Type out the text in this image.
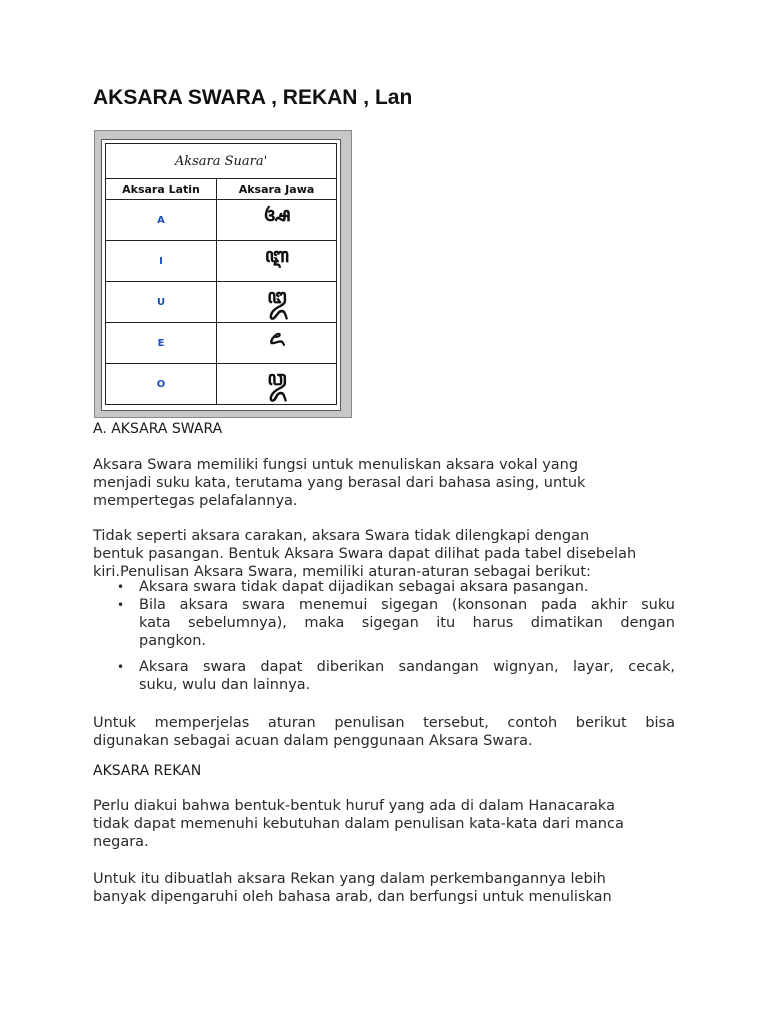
AKSARA SWARA , REKAN , Lan
Aksara Suara'	
Aksara Latin	Aksara Jawa
A	ꦄ
I	ꦆ
U	ꦈ
E	ꦌ
O	ꦎ
A. AKSARA SWARA
Aksara Swara memiliki fungsi untuk menuliskan aksara vokal yang
menjadi suku kata, terutama yang berasal dari bahasa asing, untuk
mempertegas pelafalannya.
Tidak seperti aksara carakan, aksara Swara tidak dilengkapi dengan
bentuk pasangan. Bentuk Aksara Swara dapat dilihat pada tabel disebelah
kiri.Penulisan Aksara Swara, memiliki aturan-aturan sebagai berikut:
• Aksara swara tidak dapat dijadikan sebagai aksara pasangan.
• Bila aksara swara menemui sigegan (konsonan pada akhir suku
kata sebelumnya), maka sigegan itu harus dimatikan dengan
pangkon.
• Aksara swara dapat diberikan sandangan wignyan, layar, cecak,
suku, wulu dan lainnya.
Untuk memperjelas aturan penulisan tersebut, contoh berikut bisa
digunakan sebagai acuan dalam penggunaan Aksara Swara.
AKSARA REKAN
Perlu diakui bahwa bentuk-bentuk huruf yang ada di dalam Hanacaraka
tidak dapat memenuhi kebutuhan dalam penulisan kata-kata dari manca
negara.
Untuk itu dibuatlah aksara Rekan yang dalam perkembangannya lebih
banyak dipengaruhi oleh bahasa arab, dan berfungsi untuk menuliskan
